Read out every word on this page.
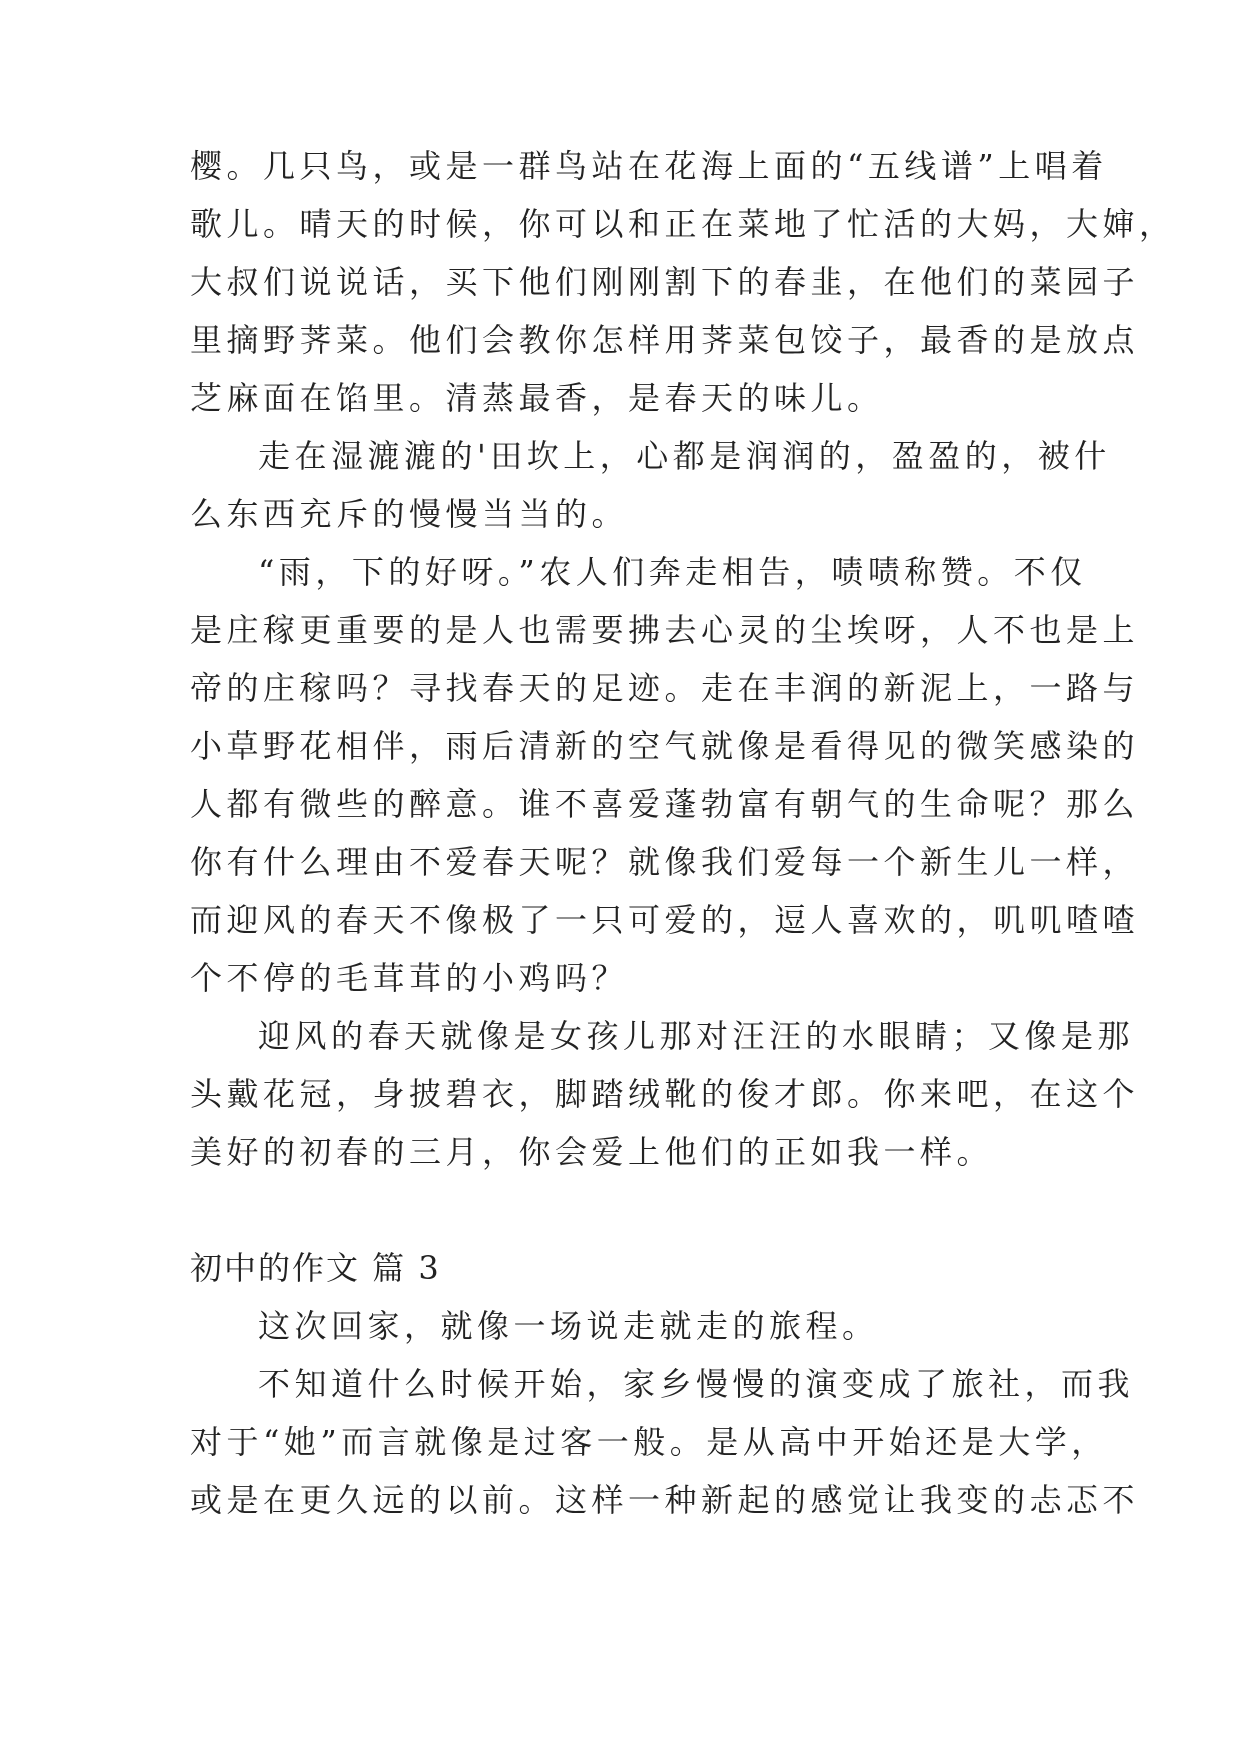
樱。几只鸟，或是一群鸟站在花海上面的“五线谱”上唱着
歌儿。晴天的时候，你可以和正在菜地了忙活的大妈，大婶，
大叔们说说话，买下他们刚刚割下的春韭，在他们的菜园子
里摘野荠菜。他们会教你怎样用荠菜包饺子，最香的是放点
芝麻面在馅里。清蒸最香，是春天的味儿。
走在湿漉漉的'田坎上，心都是润润的，盈盈的，被什
么东西充斥的慢慢当当的。
“雨，下的好呀。”农人们奔走相告，啧啧称赞。不仅
是庄稼更重要的是人也需要拂去心灵的尘埃呀，人不也是上
帝的庄稼吗？寻找春天的足迹。走在丰润的新泥上，一路与
小草野花相伴，雨后清新的空气就像是看得见的微笑感染的
人都有微些的醉意。谁不喜爱蓬勃富有朝气的生命呢？那么
你有什么理由不爱春天呢？就像我们爱每一个新生儿一样，
而迎风的春天不像极了一只可爱的，逗人喜欢的，叽叽喳喳
个不停的毛茸茸的小鸡吗？
迎风的春天就像是女孩儿那对汪汪的水眼睛；又像是那
头戴花冠，身披碧衣，脚踏绒靴的俊才郎。你来吧，在这个
美好的初春的三月，你会爱上他们的正如我一样。
初中的作文 篇 3
这次回家，就像一场说走就走的旅程。
不知道什么时候开始，家乡慢慢的演变成了旅社，而我
对于“她”而言就像是过客一般。是从高中开始还是大学，
或是在更久远的以前。这样一种新起的感觉让我变的忐忑不
